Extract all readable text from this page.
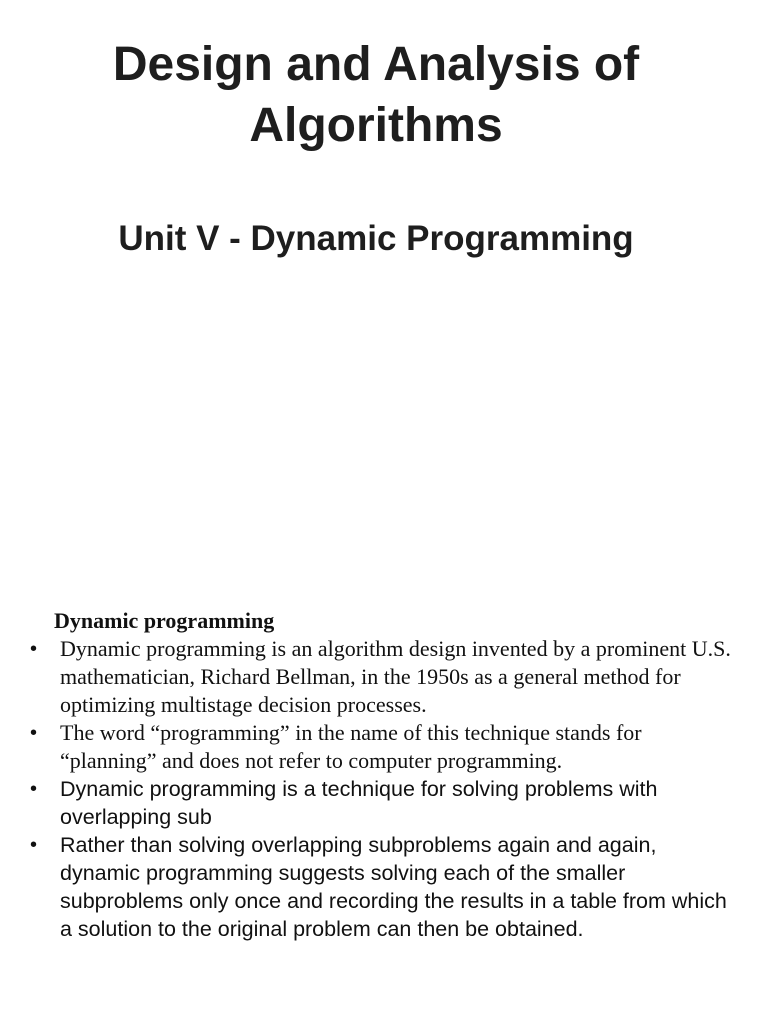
Design and Analysis of Algorithms
Unit V - Dynamic Programming
Dynamic programming
• Dynamic programming is an algorithm design invented by a prominent U.S. mathematician, Richard Bellman, in the 1950s as a general method for optimizing multistage decision processes.
• The word “programming” in the name of this technique stands for “planning” and does not refer to computer programming.
• Dynamic programming is a technique for solving problems with overlapping sub
• Rather than solving overlapping subproblems again and again, dynamic programming suggests solving each of the smaller subproblems only once and recording the results in a table from which a solution to the original problem can then be obtained.
